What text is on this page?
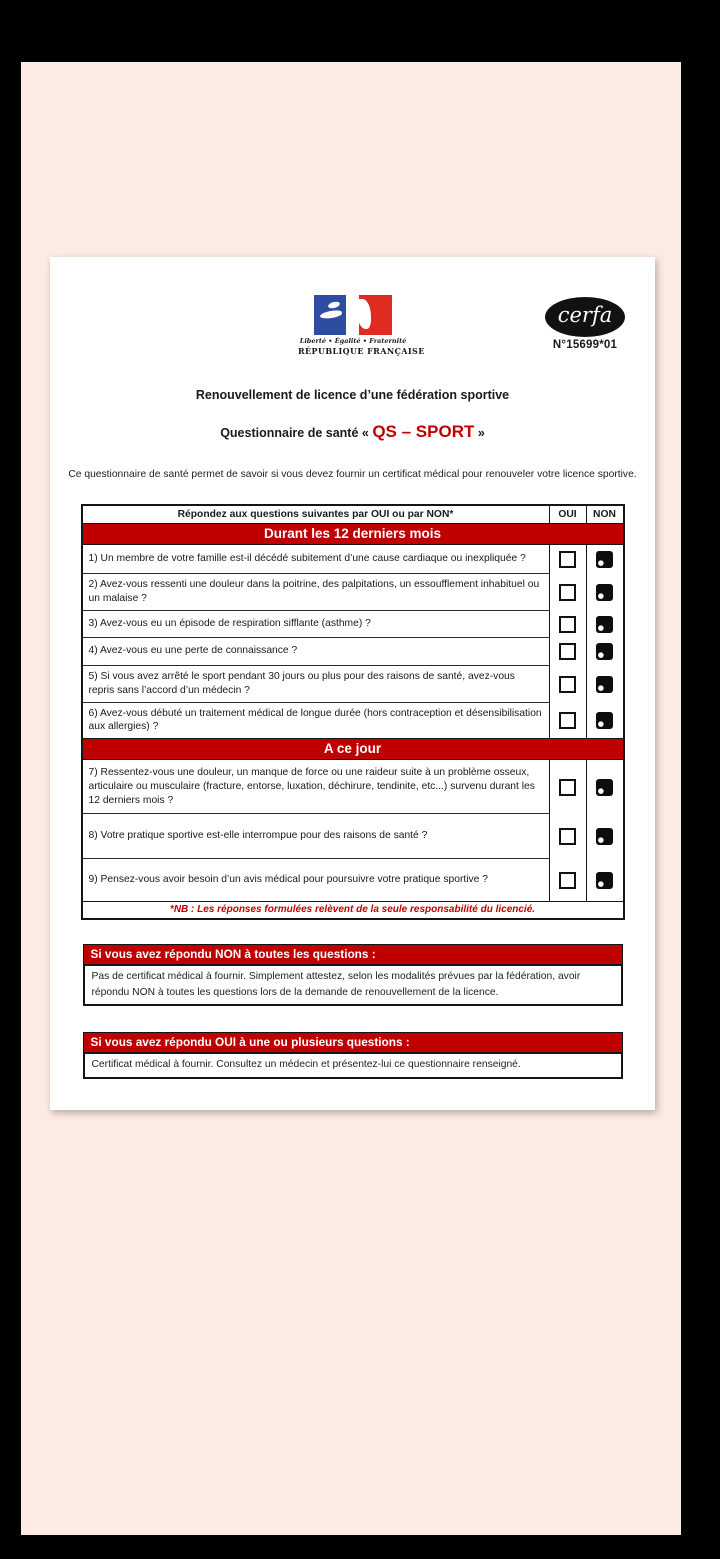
Liberté • Égalité • Fraternité
RÉPUBLIQUE FRANÇAISE
cerfa
N°15699*01
Renouvellement de licence d’une fédération sportive
Questionnaire de santé « QS – SPORT »
Ce questionnaire de santé permet de savoir si vous devez fournir un certificat médical pour renouveler votre licence sportive.
Répondez aux questions suivantes par OUI ou par NON*	OUI	NON
Durant les 12 derniers mois
1) Un membre de votre famille est-il décédé subitement d’une cause cardiaque ou inexpliquée ?
2) Avez-vous ressenti une douleur dans la poitrine, des palpitations, un essoufflement inhabituel ou un malaise ?
3) Avez-vous eu un épisode de respiration sifflante (asthme) ?
4) Avez-vous eu une perte de connaissance ?
5) Si vous avez arrêté le sport pendant 30 jours ou plus pour des raisons de santé, avez-vous repris sans l’accord d’un médecin ?
6) Avez-vous débuté un traitement médical de longue durée (hors contraception et désensibilisation aux allergies) ?
A ce jour
7) Ressentez-vous une douleur, un manque de force ou une raideur suite à un problème osseux, articulaire ou musculaire (fracture, entorse, luxation, déchirure, tendinite, etc...) survenu durant les 12 derniers mois ?
8) Votre pratique sportive est-elle interrompue pour des raisons de santé ?
9) Pensez-vous avoir besoin d’un avis médical pour poursuivre votre pratique sportive ?
*NB : Les réponses formulées relèvent de la seule responsabilité du licencié.
Si vous avez répondu NON à toutes les questions :
Pas de certificat médical à fournir. Simplement attestez, selon les modalités prévues par la fédération, avoir répondu NON à toutes les questions lors de la demande de renouvellement de la licence.
Si vous avez répondu OUI à une ou plusieurs questions :
Certificat médical à fournir. Consultez un médecin et présentez-lui ce questionnaire renseigné.
